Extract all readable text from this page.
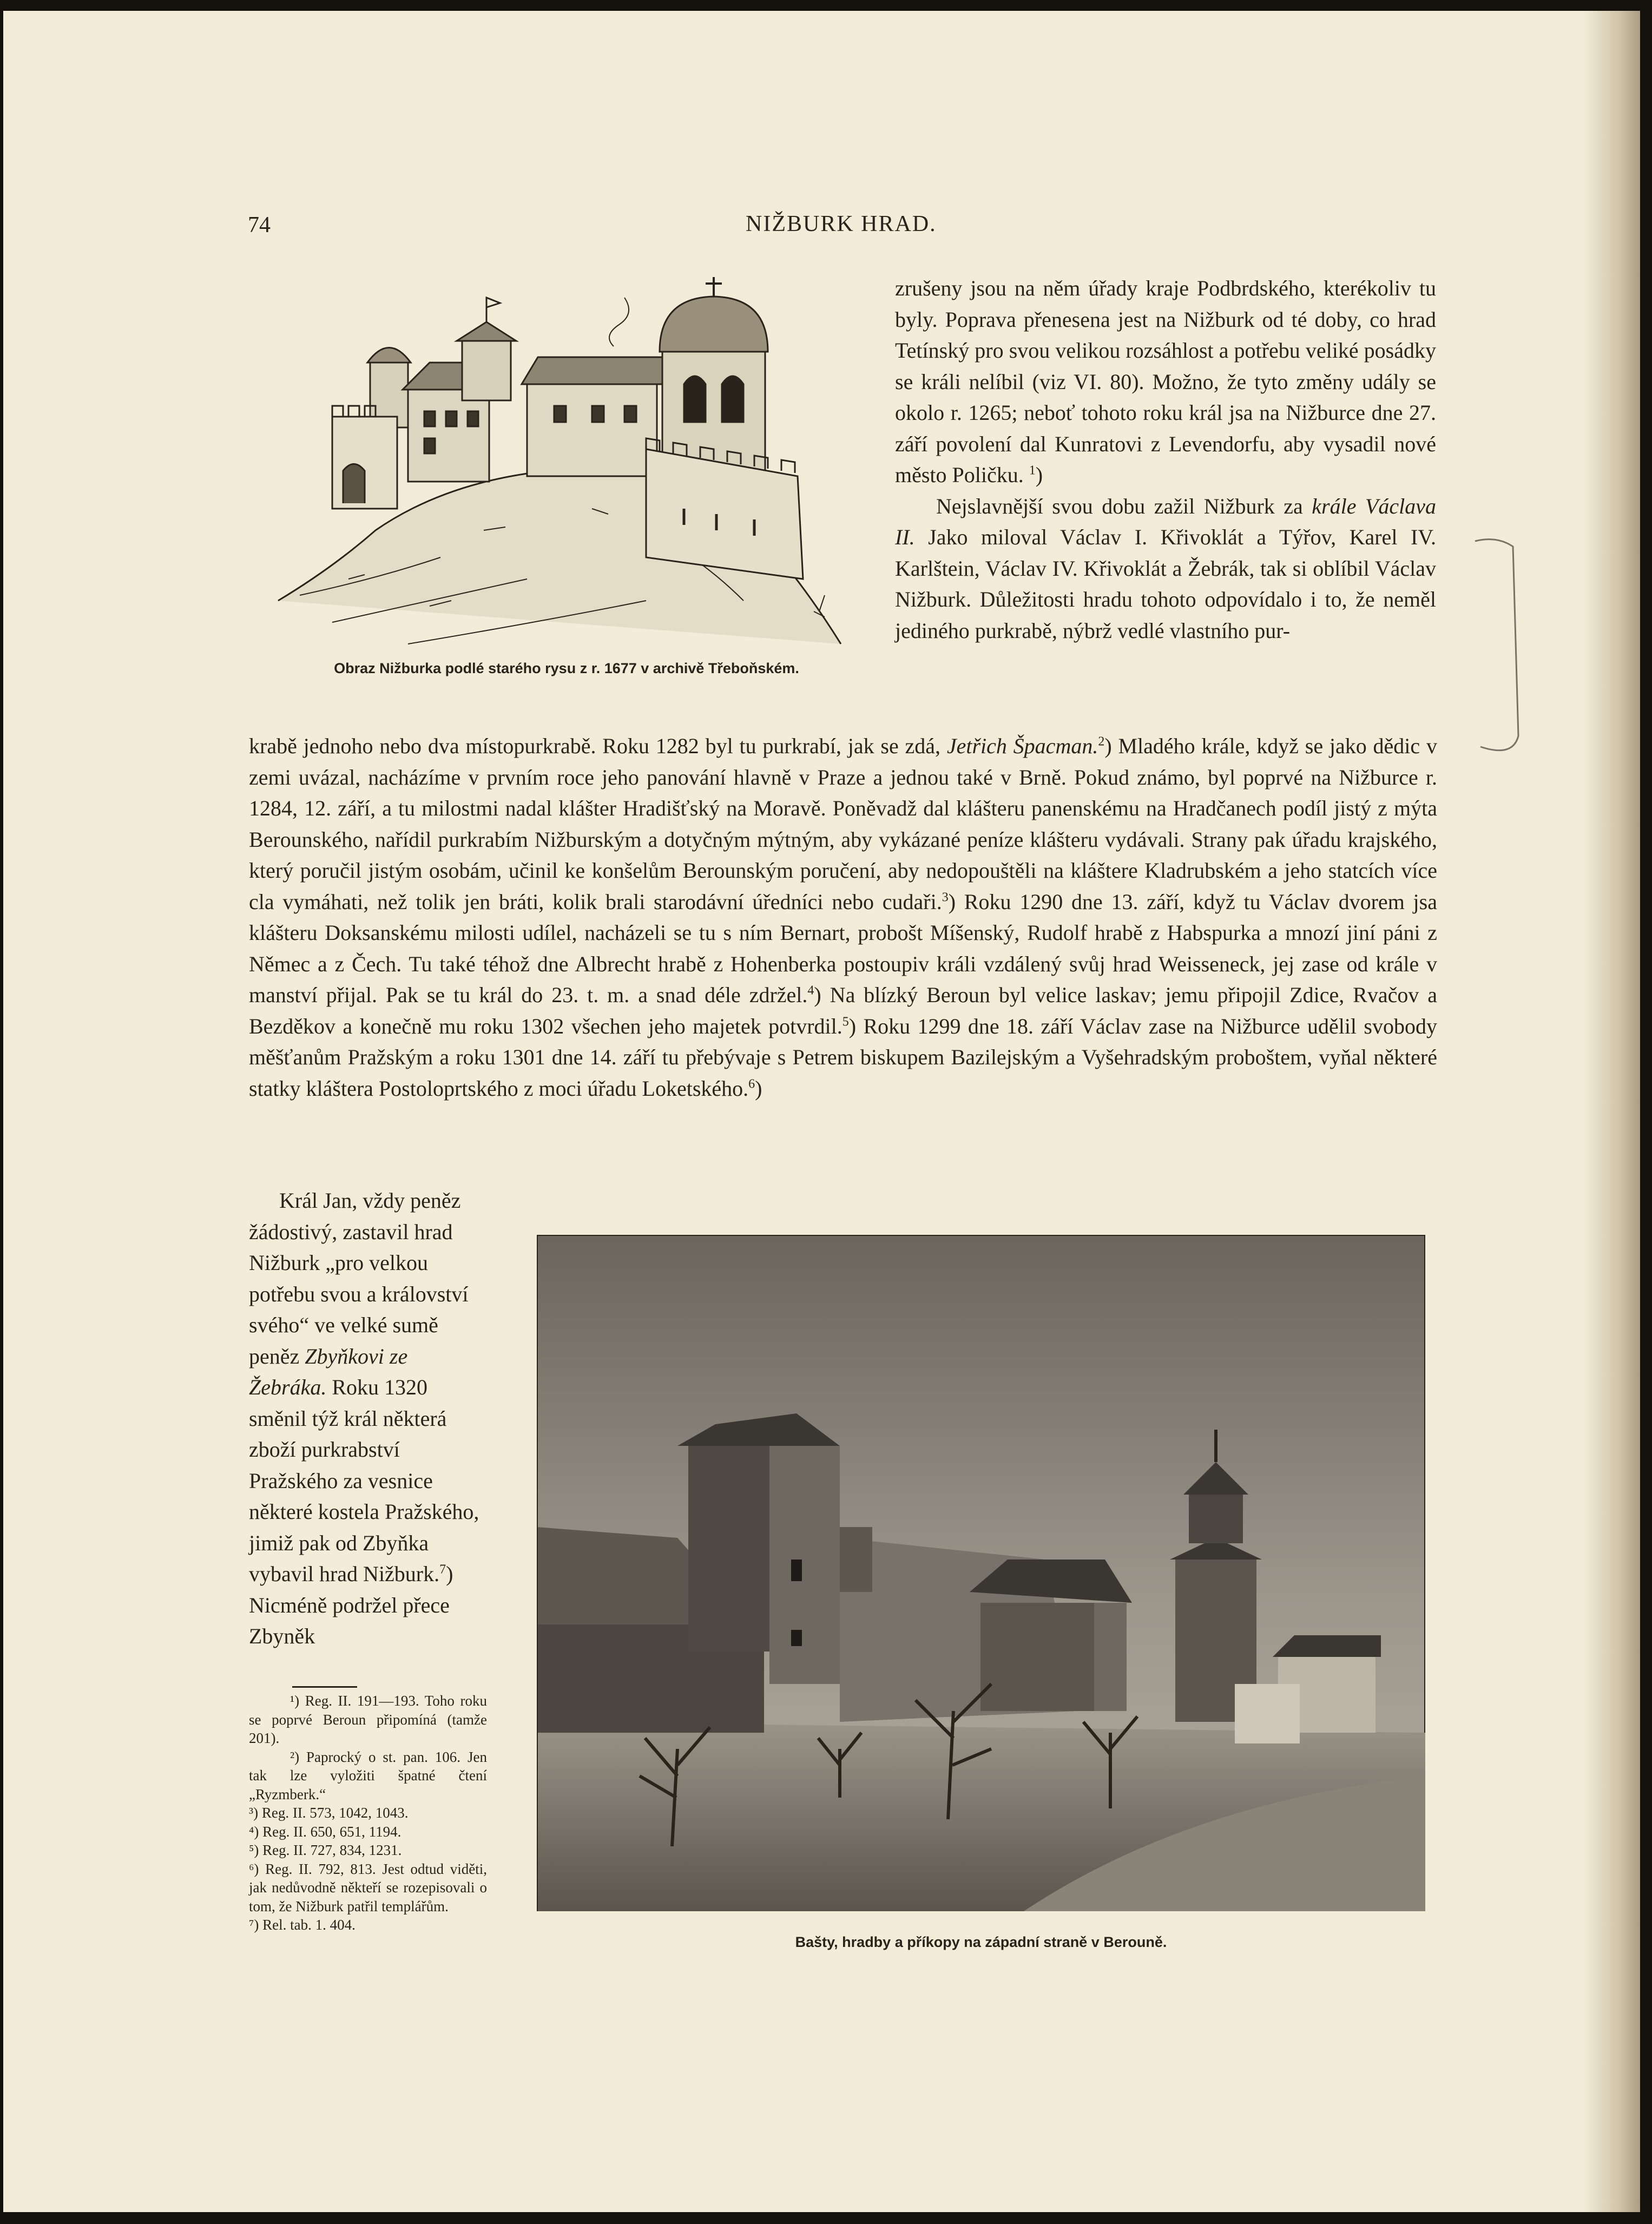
74	NIŽBURK HRAD.
Obraz Nižburka podlé starého rysu z r. 1677 v archivě Třeboňském.

zrušeny jsou na něm úřady kraje Podbrdského, kterékoliv tu byly. Poprava přenesena jest na Nižburk od té doby, co hrad Tetínský pro svou velikou rozsáhlost a potřebu veliké posádky se králi nelíbil (viz VI. 80). Možno, že tyto změny udály se okolo r. 1265; neboť tohoto roku král jsa na Nižburce dne 27. září povolení dal Kunratovi z Levendorfu, aby vysadil nové město Poličku. $^1$)

Nejslavnější svou dobu zažil Nižburk za krále Václava II. Jako miloval Václav I. Křivoklát a Týřov, Karel IV. Karlštein, Václav IV. Křivoklát a Žebrák, tak si oblíbil Václav Nižburk. Důležitosti hradu tohoto odpovídalo i to, že neměl jediného purkrabě, nýbrž vedlé vlastního pur-

krabě jednoho nebo dva místopurkrabě. Roku 1282 byl tu purkrabí, jak se zdá, Jetřich Špacman.$^2$) Mladého krále, když se jako dědic v zemi uvázal, nacházíme v prvním roce jeho panování hlavně v Praze a jednou také v Brně. Pokud známo, byl poprvé na Nižburce r. 1284, 12. září, a tu milostmi nadal klášter Hradišťský na Moravě. Poněvadž dal klášteru panenskému na Hradčanech podíl jistý z mýta Berounského, nařídil purkrabím Nižburským a dotyčným mýtným, aby vykázané peníze klášteru vydávali. Strany pak úřadu krajského, který poručil jistým osobám, učinil ke konšelům Berounským poručení, aby nedopouštěli na kláštere Kladrubském a jeho statcích více cla vymáhati, než tolik jen bráti, kolik brali starodávní úředníci nebo cudaři.$^3$) Roku 1290 dne 13. září, když tu Václav dvorem jsa klášteru Doksanskému milosti udílel, nacházeli se tu s ním Bernart, probošt Míšenský, Rudolf hrabě z Habspurka a mnozí jiní páni z Němec a z Čech. Tu také téhož dne Albrecht hrabě z Hohenberka postoupiv králi vzdálený svůj hrad Weisseneck, jej zase od krále v manství přijal. Pak se tu král do 23. t. m. a snad déle zdržel.$^4$) Na blízký Beroun byl velice laskav; jemu připojil Zdice, Rvačov a Bezděkov a konečně mu roku 1302 všechen jeho majetek potvrdil.$^5$) Roku 1299 dne 18. září Václav zase na Nižburce udělil svobody měšťanům Pražským a roku 1301 dne 14. září tu přebývaje s Petrem biskupem Bazilejským a Vyšehradským proboštem, vyňal některé statky kláštera Postoloprtského z moci úřadu Loketského.$^6$)

Král Jan, vždy peněz žádostivý, zastavil hrad Nižburk „pro velkou potřebu svou a království svého“ ve velké sumě peněz Zbyňkovi ze Žebráka. Roku 1320 směnil týž král některá zboží purkrabství Pražského za vesnice některé kostela Pražského, jimiž pak od Zbyňka vybavil hrad Nižburk.$^7$) Nicméně podržel přece Zbyněk

¹) Reg. II. 191—193. Toho roku se poprvé Beroun připomíná (tamže 201).

²) Paprocký o st. pan. 106. Jen tak lze vyložiti špatné čtení „Ryzmberk.“

³) Reg. II. 573, 1042, 1043.

⁴) Reg. II. 650, 651, 1194.

⁵) Reg. II. 727, 834, 1231.

⁶) Reg. II. 792, 813. Jest odtud viděti, jak nedůvodně někteří se rozepisovali o tom, že Nižburk patřil templářům.

⁷) Rel. tab. 1. 404.

Bašty, hradby a příkopy na západní straně v Berouně.
